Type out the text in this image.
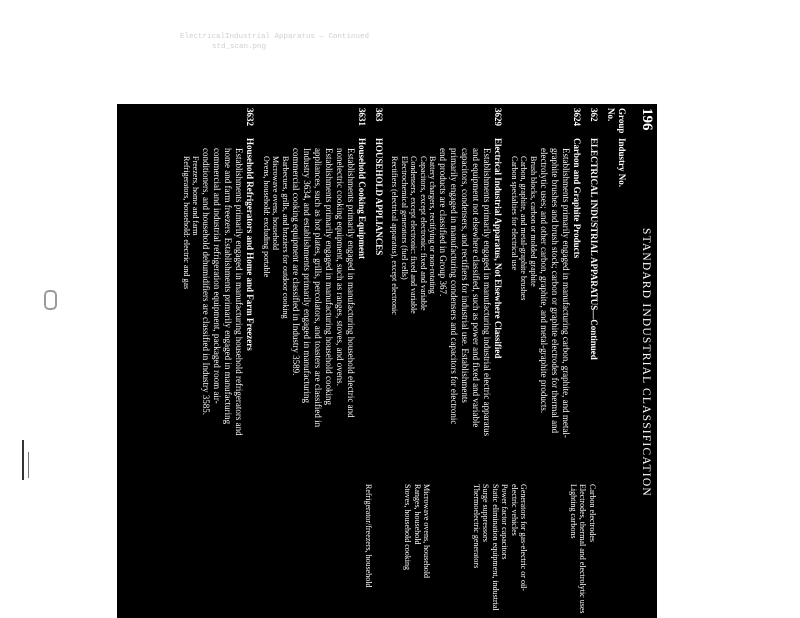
ElectricalIndustrial Apparatus — Continued
std_scan.png
196
STANDARD INDUSTRIAL CLASSIFICATION
Group No.
Industry No.
362
ELECTRICAL INDUSTRIAL APPARATUS—Continued
3624
Carbon and Graphite Products
Establishments primarily engaged in manufacturing carbon, graphite, and metal-graphite brushes and brush stock; carbon or graphite electrodes for thermal and electrolytic uses; and other carbon, graphite, and metal-graphite products.
Brush blocks, carbon or molded graphite
Carbon, graphite, and metal-graphite brushes
Carbon specialties for electrical use
3629
Electrical Industrial Apparatus, Not Elsewhere Classified
Establishments primarily engaged in manufacturing industrial electric apparatus and equipment not elsewhere classified, such as power and fixed and variable capacitors, condensers, and rectifiers for industrial use. Establishments primarily engaged in manufacturing condensers and capacitors for electronic end products are classified in Group 367.
Battery chargers, rectifying or non-rotating
Capacitors, except electronic: fixed and variable
Condensers, except electronic: fixed and variable
Electrochemical generators (fuel cells)
Rectifiers (electrical apparatus), except electronic
363
HOUSEHOLD APPLIANCES
3631
Household Cooking Equipment
Establishments primarily engaged in manufacturing household electric and nonelectric cooking equipment, such as ranges, stoves, and ovens. Establishments primarily engaged in manufacturing household cooking appliances, such as hot plates, grills, percolators, and toasters are classified in Industry 3634, and establishments primarily engaged in manufacturing commercial cooking equipment are classified in Industry 3589.
Barbecues, grills, and braziers for outdoor cooking
Microwave ovens, household
Ovens, household: excluding portable
3632
Household Refrigerators and Home and Farm Freezers
Establishments primarily engaged in manufacturing household refrigerators and home and farm freezers. Establishments primarily engaged in manufacturing commercial and industrial refrigeration equipment, packaged room air-conditioners, and household dehumidifiers are classified in Industry 3585.
Freezers, home and farm
Refrigerators, household: electric and gas
Carbon electrodes
Electrodes, thermal and electrolytic uses
Lighting carbons
Generators for gas-electric or oil-electric vehicles
Power factor capacitors
Static elimination equipment, industrial
Surge suppressors
Thermoelectric generators
Microwave ovens, household
Ranges, household
Stoves, household cooking
Refrigerator/freezers, household
